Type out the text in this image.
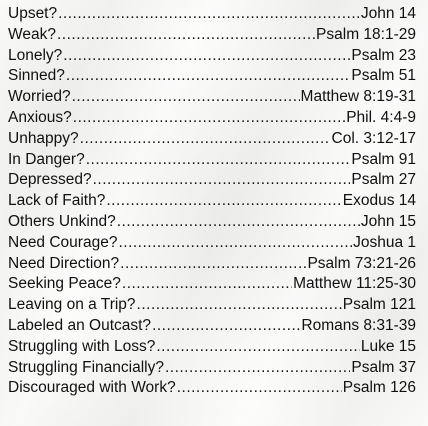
Upset? .....	John 14
Weak? .....	Psalm 18:1-29
Lonely? .....	Psalm 23
Sinned? .....	Psalm 51
Worried? .....	Matthew 8:19-31
Anxious? .....	Phil. 4:4-9
Unhappy? .....	Col. 3:12-17
In Danger? .....	Psalm 91
Depressed? .....	Psalm 27
Lack of Faith? .....	Exodus 14
Others Unkind? .....	John 15
Need Courage? .....	Joshua 1
Need Direction? .....	Psalm 73:21-26
Seeking Peace? .....	Matthew 11:25-30
Leaving on a Trip? .....	Psalm 121
Labeled an Outcast? .....	Romans 8:31-39
Struggling with Loss? .....	Luke 15
Struggling Financially? .....	Psalm 37
Discouraged with Work? .....	Psalm 126
